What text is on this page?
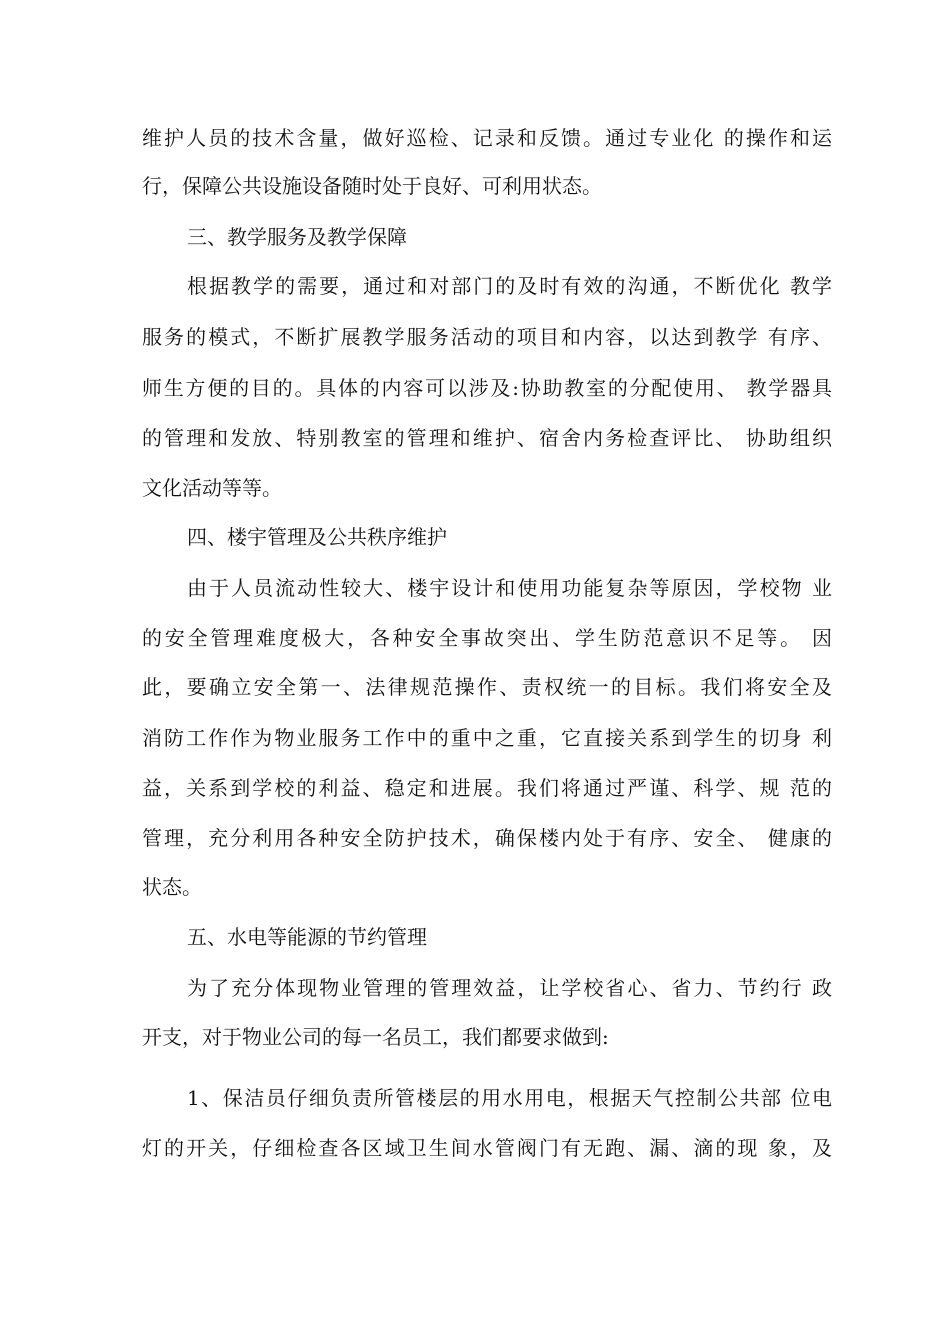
维护人员的技术含量，做好巡检、记录和反馈。通过专业化 的操作和运
行，保障公共设施设备随时处于良好、可利用状态。
三、教学服务及教学保障
根据教学的需要，通过和对部门的及时有效的沟通，不断优化 教学
服务的模式，不断扩展教学服务活动的项目和内容，以达到教学 有序、
师生方便的目的。具体的内容可以涉及:协助教室的分配使用、 教学器具
的管理和发放、特别教室的管理和维护、宿舍内务检查评比、 协助组织
文化活动等等。
四、楼宇管理及公共秩序维护
由于人员流动性较大、楼宇设计和使用功能复杂等原因，学校物 业
的安全管理难度极大，各种安全事故突出、学生防范意识不足等。 因
此，要确立安全第一、法律规范操作、责权统一的目标。我们将安全及
消防工作作为物业服务工作中的重中之重，它直接关系到学生的切身 利
益，关系到学校的利益、稳定和进展。我们将通过严谨、科学、规 范的
管理，充分利用各种安全防护技术，确保楼内处于有序、安全、 健康的
状态。
五、水电等能源的节约管理
为了充分体现物业管理的管理效益，让学校省心、省力、节约行 政
开支，对于物业公司的每一名员工，我们都要求做到:
1、保洁员仔细负责所管楼层的用水用电，根据天气控制公共部 位电
灯的开关，仔细检查各区域卫生间水管阀门有无跑、漏、滴的现 象，及
